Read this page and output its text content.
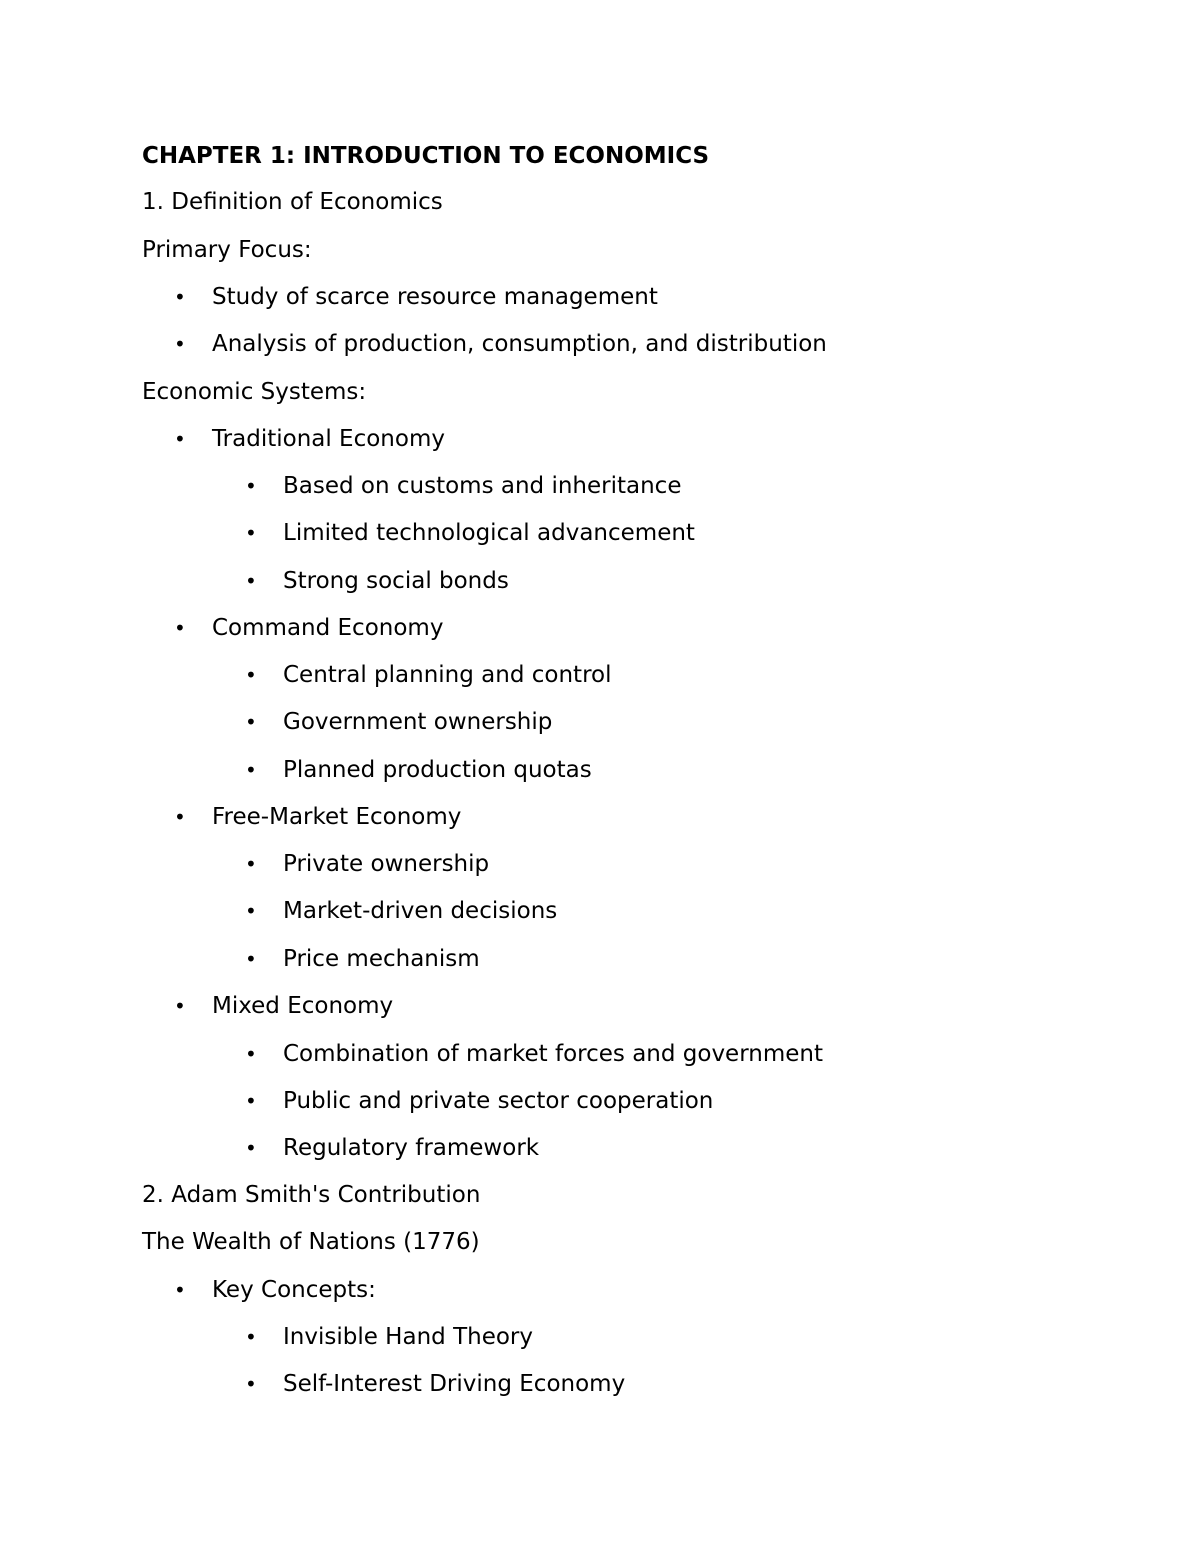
CHAPTER 1: INTRODUCTION TO ECONOMICS
1. Definition of Economics
Primary Focus:
• Study of scarce resource management
• Analysis of production, consumption, and distribution
Economic Systems:
• Traditional Economy
• Based on customs and inheritance
• Limited technological advancement
• Strong social bonds
• Command Economy
• Central planning and control
• Government ownership
• Planned production quotas
• Free-Market Economy
• Private ownership
• Market-driven decisions
• Price mechanism
• Mixed Economy
• Combination of market forces and government
• Public and private sector cooperation
• Regulatory framework
2. Adam Smith's Contribution
The Wealth of Nations (1776)
• Key Concepts:
• Invisible Hand Theory
• Self-Interest Driving Economy
